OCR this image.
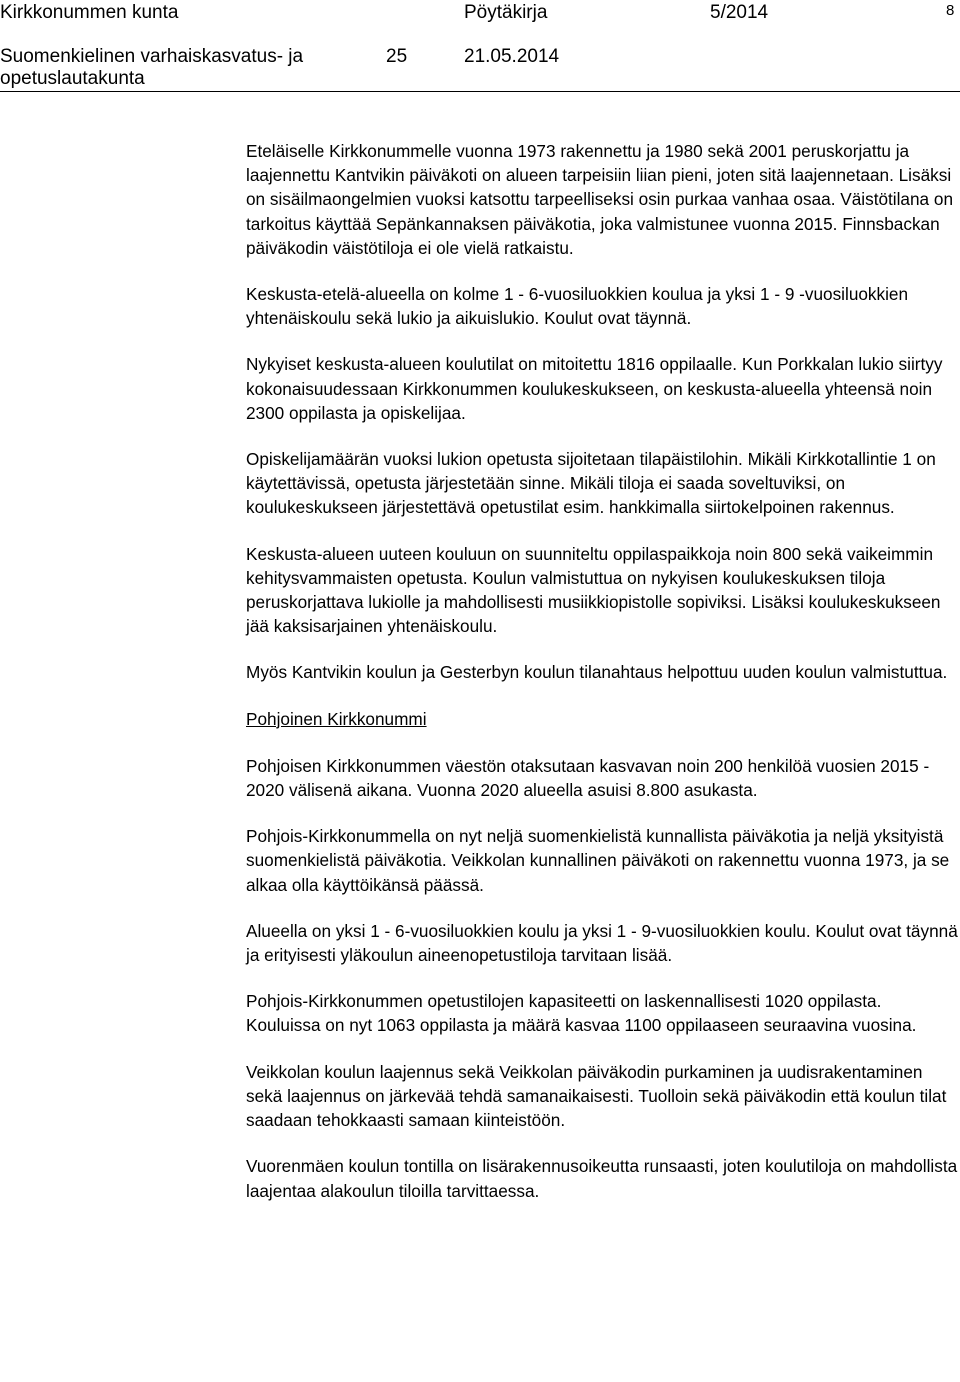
Kirkkonummen kunta	Pöytäkirja	5/2014	8
Suomenkielinen varhaiskasvatus- ja opetuslautakunta
25	21.05.2014

Eteläiselle Kirkkonummelle vuonna 1973 rakennettu ja 1980 sekä 2001 peruskorjattu ja laajennettu Kantvikin päiväkoti on alueen tarpeisiin liian pieni, joten sitä laajennetaan. Lisäksi on sisäilmaongelmien vuoksi katsottu tarpeelliseksi osin purkaa vanhaa osaa. Väistötilana on tarkoitus käyttää Sepänkannaksen päiväkotia, joka valmistunee vuonna 2015. Finnsbackan päiväkodin väistötiloja ei ole vielä ratkaistu.

Keskusta-etelä-alueella on kolme 1 - 6-vuosiluokkien koulua ja yksi 1 - 9 -vuosiluokkien yhtenäiskoulu sekä lukio ja aikuislukio. Koulut ovat täynnä.

Nykyiset keskusta-alueen koulutilat on mitoitettu 1816 oppilaalle. Kun Porkkalan lukio siirtyy kokonaisuudessaan Kirkkonummen koulukeskukseen, on keskusta-alueella yhteensä noin 2300 oppilasta ja opiskelijaa.

Opiskelijamäärän vuoksi lukion opetusta sijoitetaan tilapäistilohin. Mikäli Kirkkotallintie 1 on käytettävissä, opetusta järjestetään sinne. Mikäli tiloja ei saada soveltuviksi, on koulukeskukseen järjestettävä opetustilat esim. hankkimalla siirtokelpoinen rakennus.

Keskusta-alueen uuteen kouluun on suunniteltu oppilaspaikkoja noin 800 sekä vaikeimmin kehitysvammaisten opetusta. Koulun valmistuttua on nykyisen koulukeskuksen tiloja peruskorjattava lukiolle ja mahdollisesti musiikkiopistolle sopiviksi. Lisäksi koulukeskukseen jää kaksisarjainen yhtenäiskoulu.

Myös Kantvikin koulun ja Gesterbyn koulun tilanahtaus helpottuu uuden koulun valmistuttua.

Pohjoinen Kirkkonummi

Pohjoisen Kirkkonummen väestön otaksutaan kasvavan noin 200 henkilöä vuosien 2015 - 2020 välisenä aikana. Vuonna 2020 alueella asuisi 8.800 asukasta.

Pohjois-Kirkkonummella on nyt neljä suomenkielistä kunnallista päiväkotia ja neljä yksityistä suomenkielistä päiväkotia. Veikkolan kunnallinen päiväkoti on rakennettu vuonna 1973, ja se alkaa olla käyttöikänsä päässä.

Alueella on yksi 1 - 6-vuosiluokkien koulu ja yksi 1 - 9-vuosiluokkien koulu. Koulut ovat täynnä ja erityisesti yläkoulun aineenopetustiloja tarvitaan lisää.

Pohjois-Kirkkonummen opetustilojen kapasiteetti on laskennallisesti 1020 oppilasta. Kouluissa on nyt 1063 oppilasta ja määrä kasvaa 1100 oppilaaseen seuraavina vuosina.

Veikkolan koulun laajennus sekä Veikkolan päiväkodin purkaminen ja uudisrakentaminen sekä laajennus on järkevää tehdä samanaikaisesti. Tuolloin sekä päiväkodin että koulun tilat saadaan tehokkaasti samaan kiinteistöön.

Vuorenmäen koulun tontilla on lisärakennusoikeutta runsaasti, joten koulutiloja on mahdollista laajentaa alakoulun tiloilla tarvittaessa.
